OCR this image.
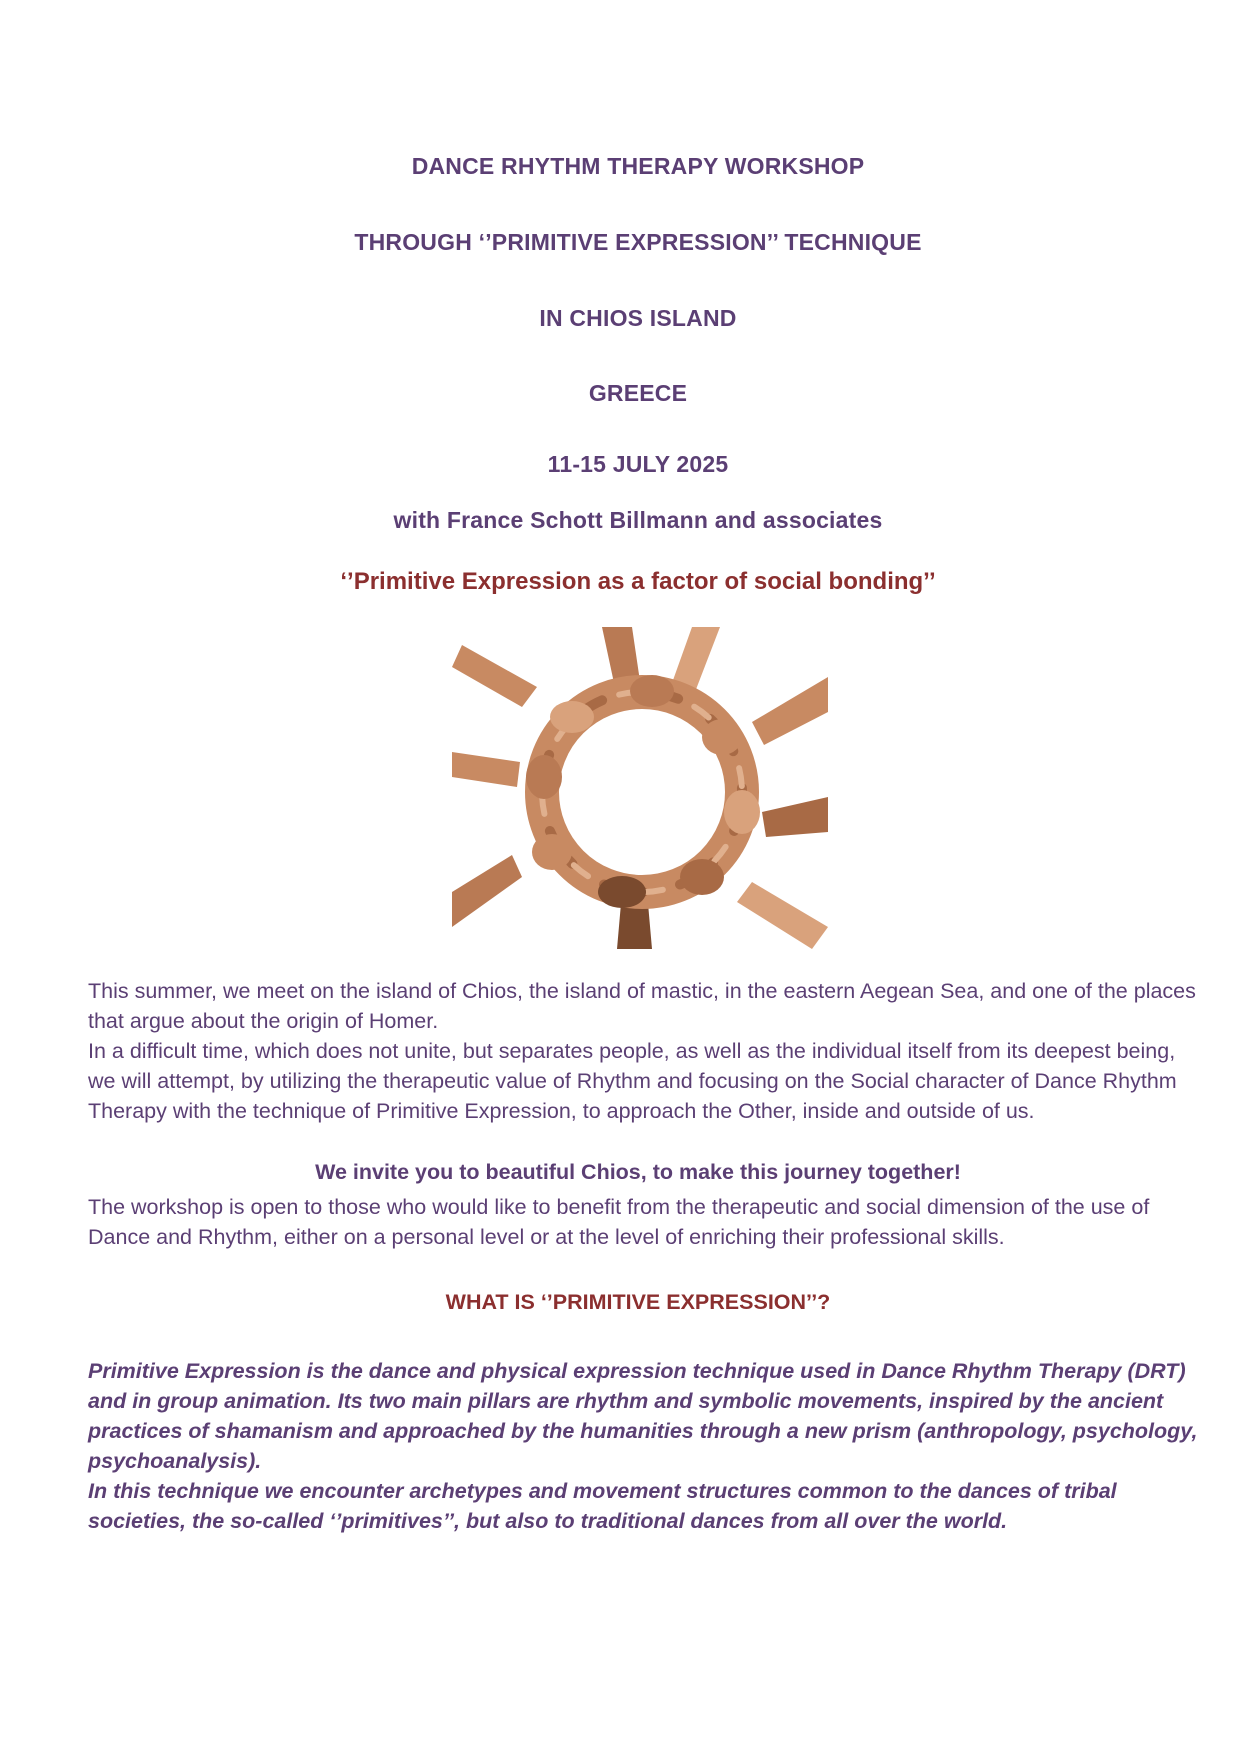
DANCE RHYTHM THERAPY WORKSHOP
THROUGH ‘’PRIMITIVE EXPRESSION’’ TECHNIQUE
IN CHIOS ISLAND
GREECE
11-15 JULY 2025
with France Schott Billmann and associates
‘’Primitive Expression as a factor of social bonding’’

This summer, we meet on the island of Chios, the island of mastic, in the eastern Aegean Sea, and one of the places that argue about the origin of Homer.

In a difficult time, which does not unite, but separates people, as well as the individual itself from its deepest being, we will attempt, by utilizing the therapeutic value of Rhythm and focusing on the Social character of Dance Rhythm Therapy with the technique of Primitive Expression, to approach the Other, inside and outside of us.

We invite you to beautiful Chios, to make this journey together!

The workshop is open to those who would like to benefit from the therapeutic and social dimension of the use of Dance and Rhythm, either on a personal level or at the level of enriching their professional skills.

WHAT IS ‘’PRIMITIVE EXPRESSION’’?

Primitive Expression is the dance and physical expression technique used in Dance Rhythm Therapy (DRT) and in group animation. Its two main pillars are rhythm and symbolic movements, inspired by the ancient practices of shamanism and approached by the humanities through a new prism (anthropology, psychology, psychoanalysis).

In this technique we encounter archetypes and movement structures common to the dances of tribal societies, the so-called ‘’primitives’’, but also to traditional dances from all over the world.
